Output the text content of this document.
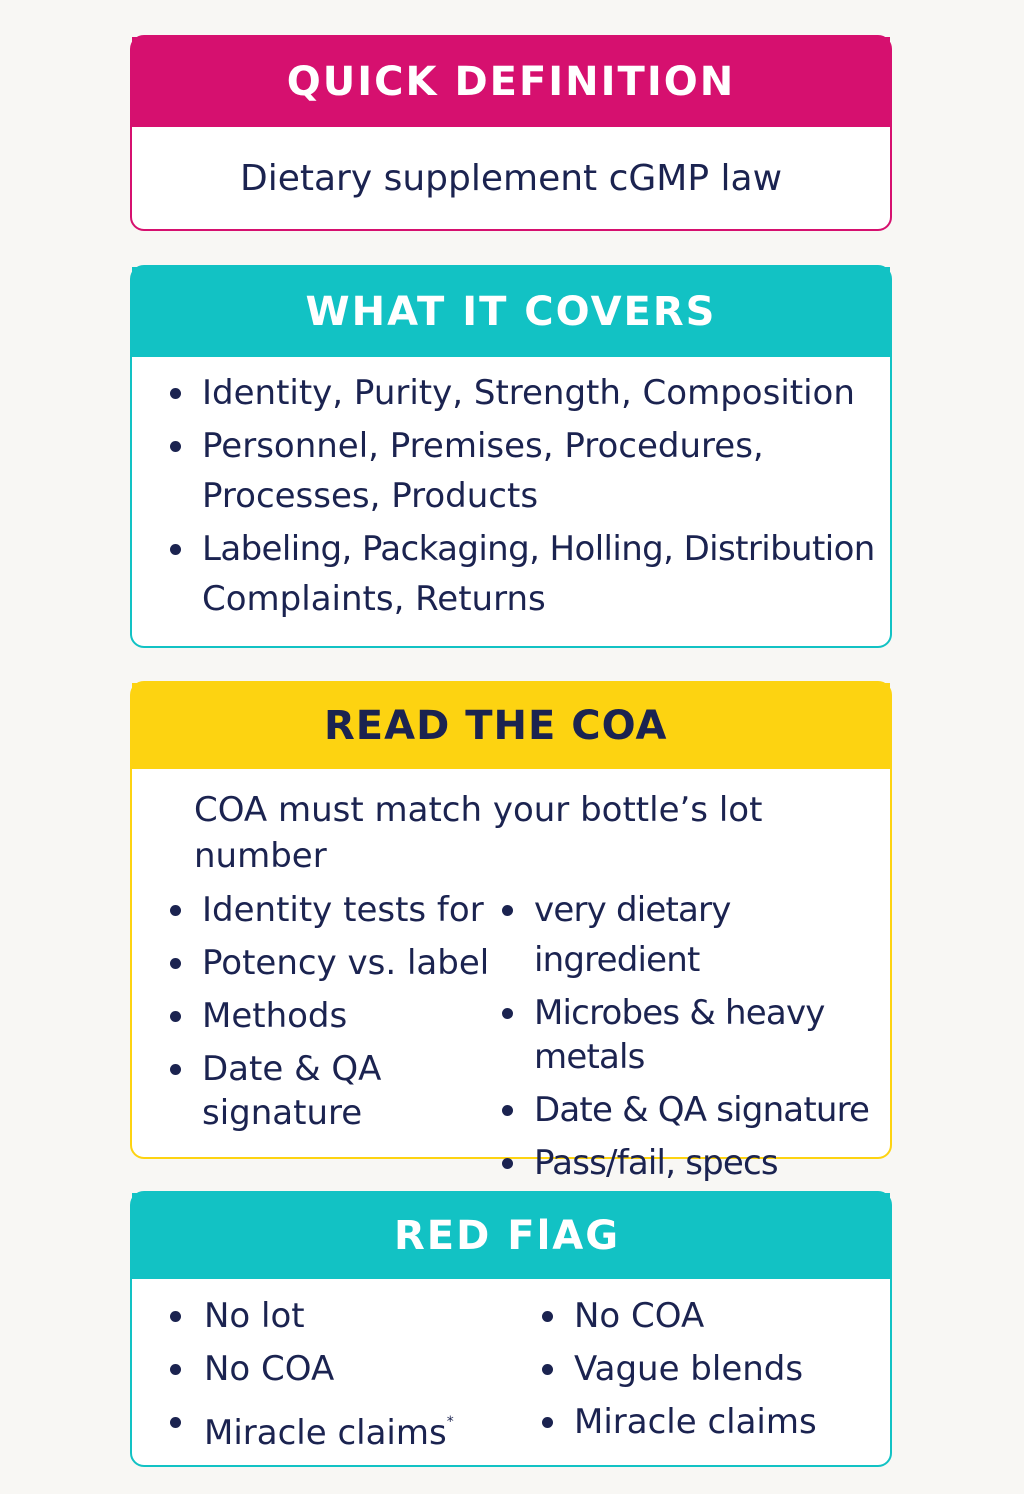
QUICK DEFINITION
Dietary supplement cGMP law
WHAT IT COVERS
Identity, Purity, Strength, Composition
Personnel, Premises, Procedures,
Processes, Products
Labeling, Packaging, Holling, Distribution
Complaints, Returns
READ THE COA
COA must match your bottle’s lot
number
Identity tests for
Potency vs. label
Methods
Date & QA
signature
very dietary ingredient
Microbes & heavy
metals
Date & QA signature
Pass/fail, specs
RED FlAG
No lot
No COA
Miracle claims*
No COA
Vague blends
Miracle claims
